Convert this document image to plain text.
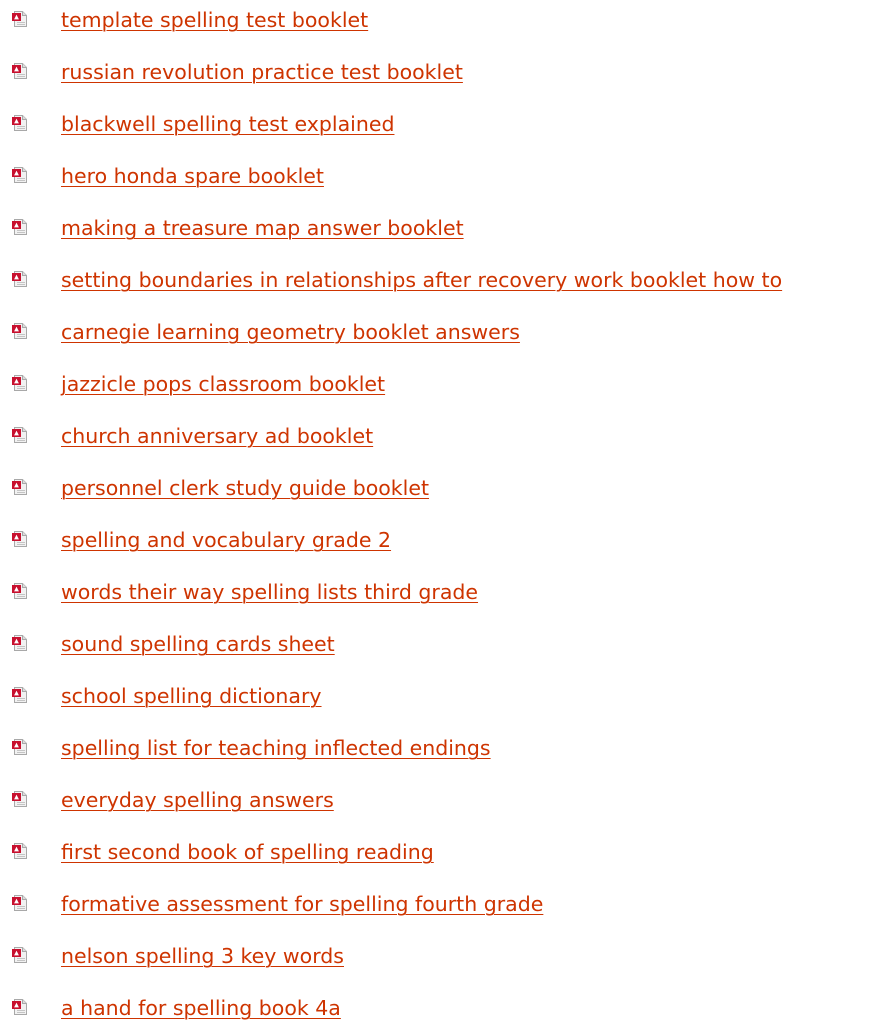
template spelling test booklet
russian revolution practice test booklet
blackwell spelling test explained
hero honda spare booklet
making a treasure map answer booklet
setting boundaries in relationships after recovery work booklet how to
carnegie learning geometry booklet answers
jazzicle pops classroom booklet
church anniversary ad booklet
personnel clerk study guide booklet
spelling and vocabulary grade 2
words their way spelling lists third grade
sound spelling cards sheet
school spelling dictionary
spelling list for teaching inflected endings
everyday spelling answers
first second book of spelling reading
formative assessment for spelling fourth grade
nelson spelling 3 key words
a hand for spelling book 4a
